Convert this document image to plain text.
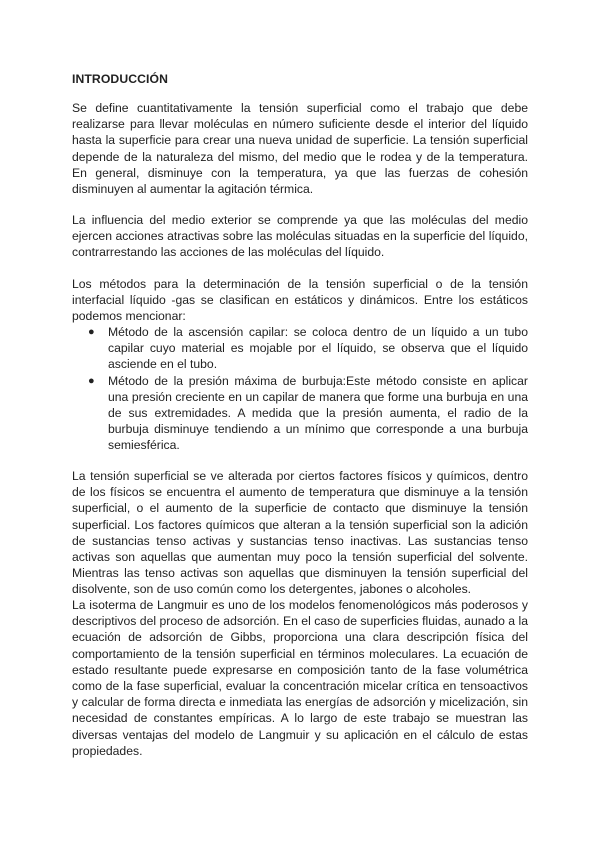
INTRODUCCIÓN

Se define cuantitativamente la tensión superficial como el trabajo que debe realizarse para llevar moléculas en número suficiente desde el interior del líquido hasta la superficie para crear una nueva unidad de superficie. La tensión superficial depende de la naturaleza del mismo, del medio que le rodea y de la temperatura. En general, disminuye con la temperatura, ya que las fuerzas de cohesión disminuyen al aumentar la agitación térmica.

La influencia del medio exterior se comprende ya que las moléculas del medio ejercen acciones atractivas sobre las moléculas situadas en la superficie del líquido, contrarrestando las acciones de las moléculas del líquido.

Los métodos para la determinación de la tensión superficial o de la tensión interfacial líquido -gas se clasifican en estáticos y dinámicos. Entre los estáticos podemos mencionar:

● Método de la ascensión capilar: se coloca dentro de un líquido a un tubo capilar cuyo material es mojable por el líquido, se observa que el líquido asciende en el tubo.
● Método de la presión máxima de burbuja:Este método consiste en aplicar una presión creciente en un capilar de manera que forme una burbuja en una de sus extremidades. A medida que la presión aumenta, el radio de la burbuja disminuye tendiendo a un mínimo que corresponde a una burbuja semiesférica.

La tensión superficial se ve alterada por ciertos factores físicos y químicos, dentro de los físicos se encuentra el aumento de temperatura que disminuye a la tensión superficial, o el aumento de la superficie de contacto que disminuye la tensión superficial. Los factores químicos que alteran a la tensión superficial son la adición de sustancias tenso activas y sustancias tenso inactivas. Las sustancias tenso activas son aquellas que aumentan muy poco la tensión superficial del solvente. Mientras las tenso activas son aquellas que disminuyen la tensión superficial del disolvente, son de uso común como los detergentes, jabones o alcoholes.

La isoterma de Langmuir es uno de los modelos fenomenológicos más poderosos y descriptivos del proceso de adsorción. En el caso de superficies fluidas, aunado a la ecuación de adsorción de Gibbs, proporciona una clara descripción física del comportamiento de la tensión superficial en términos moleculares. La ecuación de estado resultante puede expresarse en composición tanto de la fase volumétrica como de la fase superficial, evaluar la concentración micelar crítica en tensoactivos y calcular de forma directa e inmediata las energías de adsorción y micelización, sin necesidad de constantes empíricas. A lo largo de este trabajo se muestran las diversas ventajas del modelo de Langmuir y su aplicación en el cálculo de estas propiedades.
